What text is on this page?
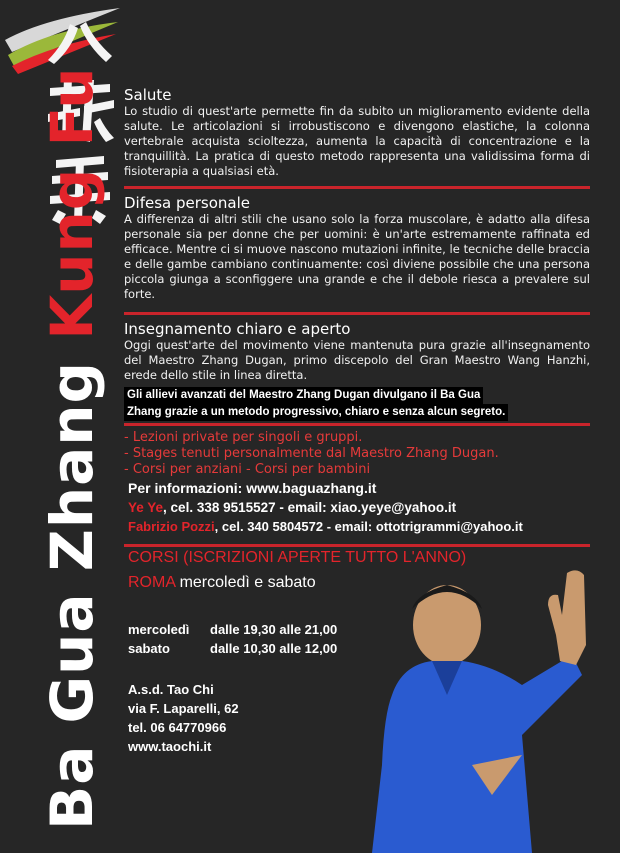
Ba Gua Zhang Kung Fu Salute
Lo studio di quest'arte permette fin da subito un miglioramento evidente della salute. Le articolazioni si irrobustiscono e divengono elastiche, la colonna vertebrale acquista scioltezza, aumenta la capacità di concentrazione e la tranquillità. La pratica di questo metodo rappresenta una validissima forma di fisioterapia a qualsiasi età.
Difesa personale
A differenza di altri stili che usano solo la forza muscolare, è adatto alla difesa personale sia per donne che per uomini: è un'arte estremamente raffinata ed efficace. Mentre ci si muove nascono mutazioni infinite, le tecniche delle braccia e delle gambe cambiano continuamente: così diviene possibile che una persona piccola giunga a sconfiggere una grande e che il debole riesca a prevalere sul forte.
Insegnamento chiaro e aperto
Oggi quest'arte del movimento viene mantenuta pura grazie all'insegnamento del Maestro Zhang Dugan, primo discepolo del Gran Maestro Wang Hanzhi, erede dello stile in linea diretta.
Gli allievi avanzati del Maestro Zhang Dugan divulgano il Ba Gua
Zhang grazie a un metodo progressivo, chiaro e senza alcun segreto.
- Lezioni private per singoli e gruppi.
- Stages tenuti personalmente dal Maestro Zhang Dugan.
- Corsi per anziani - Corsi per bambini
Per informazioni: www.baguazhang.it
Ye Ye, cel. 338 9515527 - email: xiao.yeye@yahoo.it
Fabrizio Pozzi, cel. 340 5804572 - email: ottotrigrammi@yahoo.it
CORSI (ISCRIZIONI APERTE TUTTO L'ANNO)
ROMA mercoledì e sabato
mercoledì dalle 19,30 alle 21,00
sabato	dalle 10,30 alle 12,00
A.s.d. Tao Chi
via F. Laparelli, 62
tel. 06 64770966
www.taochi.it
